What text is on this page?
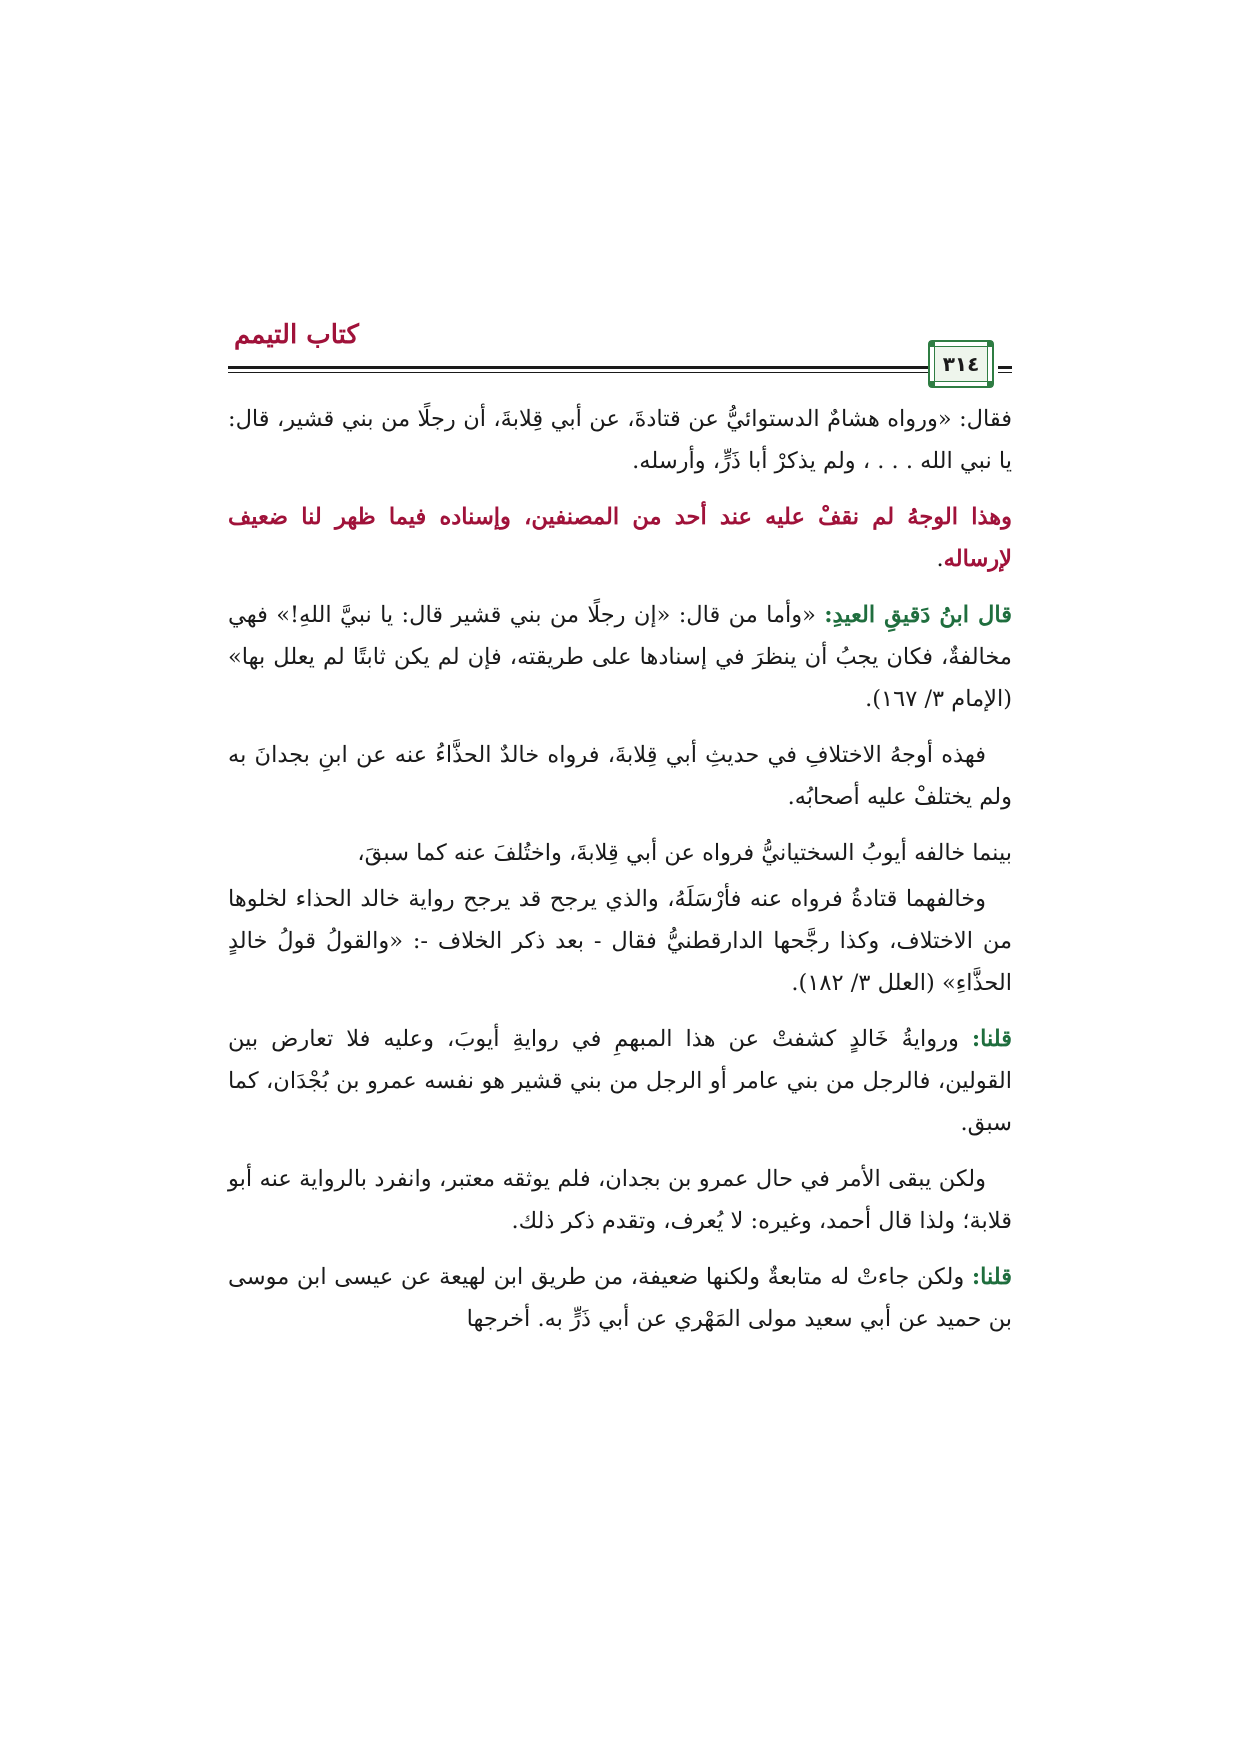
كتاب التيمم
٣١٤

فقال: «ورواه هشامٌ الدستوائيُّ عن قتادةَ، عن أبي قِلابةَ، أن رجلًا من بني قشير، قال: يا نبي الله . . . ، ولم يذكرْ أبا ذَرٍّ، وأرسله.

وهذا الوجهُ لم نقفْ عليه عند أحد من المصنفين، وإسناده فيما ظهر لنا ضعيف لإرساله.

قال ابنُ دَقيقِ العيدِ: «وأما من قال: «إن رجلًا من بني قشير قال: يا نبيَّ اللهِ!» فهي مخالفةٌ، فكان يجبُ أن ينظرَ في إسنادها على طريقته، فإن لم يكن ثابتًا لم يعلل بها» (الإمام ٣/ ١٦٧).

فهذه أوجهُ الاختلافِ في حديثِ أبي قِلابةَ، فرواه خالدٌ الحذَّاءُ عنه عن ابنِ بجدانَ به ولم يختلفْ عليه أصحابُه.

بينما خالفه أيوبُ السختيانيُّ فرواه عن أبي قِلابةَ، واختُلفَ عنه كما سبقَ،

وخالفهما قتادةُ فرواه عنه فأرْسَلَهُ، والذي يرجح قد يرجح رواية خالد الحذاء لخلوها من الاختلاف، وكذا رجَّحها الدارقطنيُّ فقال - بعد ذكر الخلاف -: «والقولُ قولُ خالدٍ الحذَّاءِ» (العلل ٣/ ١٨٢).

قلنا: وروايةُ خَالدٍ كشفتْ عن هذا المبهمِ في روايةِ أيوبَ، وعليه فلا تعارض بين القولين، فالرجل من بني عامر أو الرجل من بني قشير هو نفسه عمرو بن بُجْدَان، كما سبق.

ولكن يبقى الأمر في حال عمرو بن بجدان، فلم يوثقه معتبر، وانفرد بالرواية عنه أبو قلابة؛ ولذا قال أحمد، وغيره: لا يُعرف، وتقدم ذكر ذلك.

قلنا: ولكن جاءتْ له متابعةٌ ولكنها ضعيفة، من طريق ابن لهيعة عن عيسى ابن موسى بن حميد عن أبي سعيد مولى المَهْري عن أبي ذَرٍّ به. أخرجها
